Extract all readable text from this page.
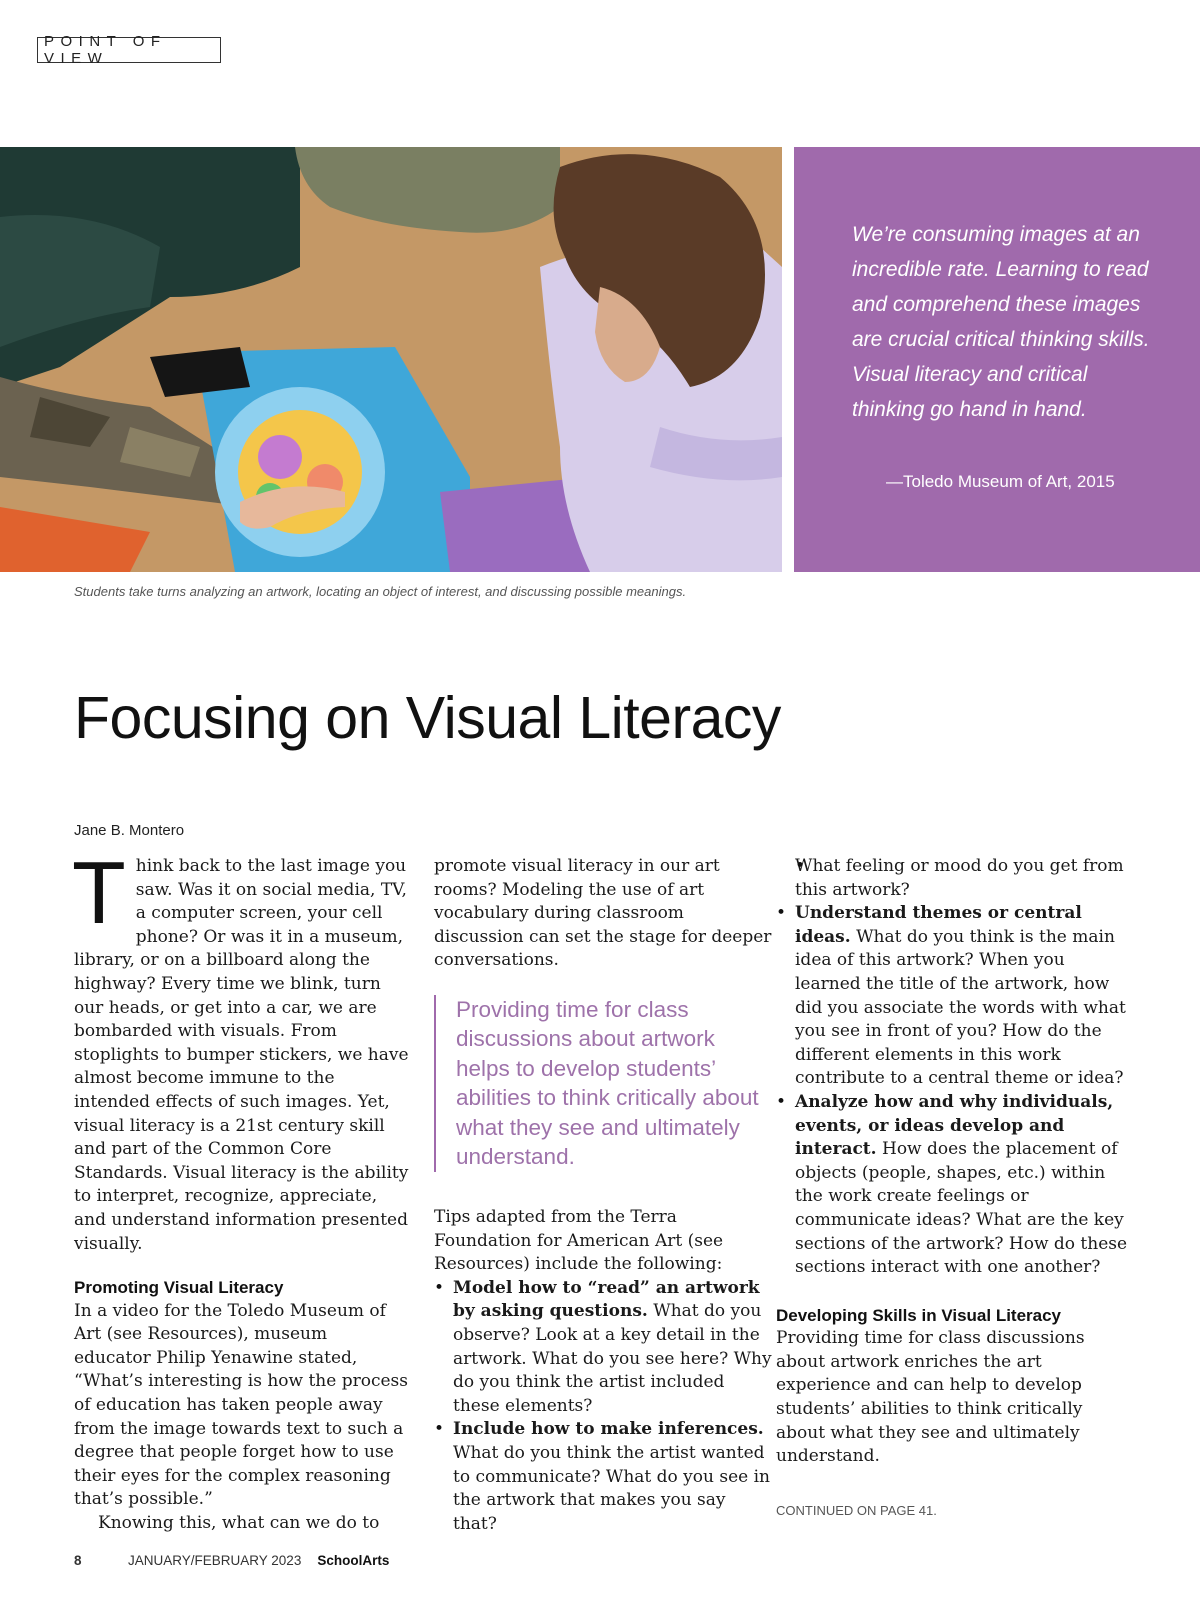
POINT OF VIEW

We’re consuming images at an incredible rate. Learning to read and comprehend these images are crucial critical thinking skills. Visual literacy and critical thinking go hand in hand.

—Toledo Museum of Art, 2015

Students take turns analyzing an artwork, locating an object of interest, and discussing possible meanings.

Focusing on Visual Literacy
Jane B. Montero

Think back to the last image you saw. Was it on social media, TV, a computer screen, your cell phone? Or was it in a museum, library, or on a billboard along the highway? Every time we blink, turn our heads, or get into a car, we are bombarded with visuals. From stoplights to bumper stickers, we have almost become immune to the intended effects of such images. Yet, visual literacy is a 21st century skill and part of the Common Core Standards. Visual literacy is the ability to interpret, recognize, appreciate, and understand information presented visually.

Promoting Visual Literacy

In a video for the Toledo Museum of Art (see Resources), museum educator Philip Yenawine stated, “What’s interesting is how the process of education has taken people away from the image towards text to such a degree that people forget how to use their eyes for the complex reasoning that’s possible.”

Knowing this, what can we do to

promote visual literacy in our art rooms? Modeling the use of art vocabulary during classroom discussion can set the stage for deeper conversations.

Providing time for class discussions about artwork helps to develop students’ abilities to think critically about what they see and ultimately understand.

Tips adapted from the Terra Foundation for American Art (see Resources) include the following:

• Model how to “read” an artwork by asking questions. What do you observe? Look at a key detail in the artwork. What do you see here? Why do you think the artist included these elements?
• Include how to make inferences. What do you think the artist wanted to communicate? What do you see in the artwork that makes you say that?
• What feeling or mood do you get from this artwork?
• Understand themes or central ideas. What do you think is the main idea of this artwork? When you learned the title of the artwork, how did you associate the words with what you see in front of you? How do the different elements in this work contribute to a central theme or idea?
• Analyze how and why individuals, events, or ideas develop and interact. How does the placement of objects (people, shapes, etc.) within the work create feelings or communicate ideas? What are the key sections of the artwork? How do these sections interact with one another?
Developing Skills in Visual Literacy

Providing time for class discussions about artwork enriches the art experience and can help to develop students’ abilities to think critically about what they see and ultimately understand.

CONTINUED ON PAGE 41.

8	JANUARY/FEBRUARY 2023 SchoolArts
